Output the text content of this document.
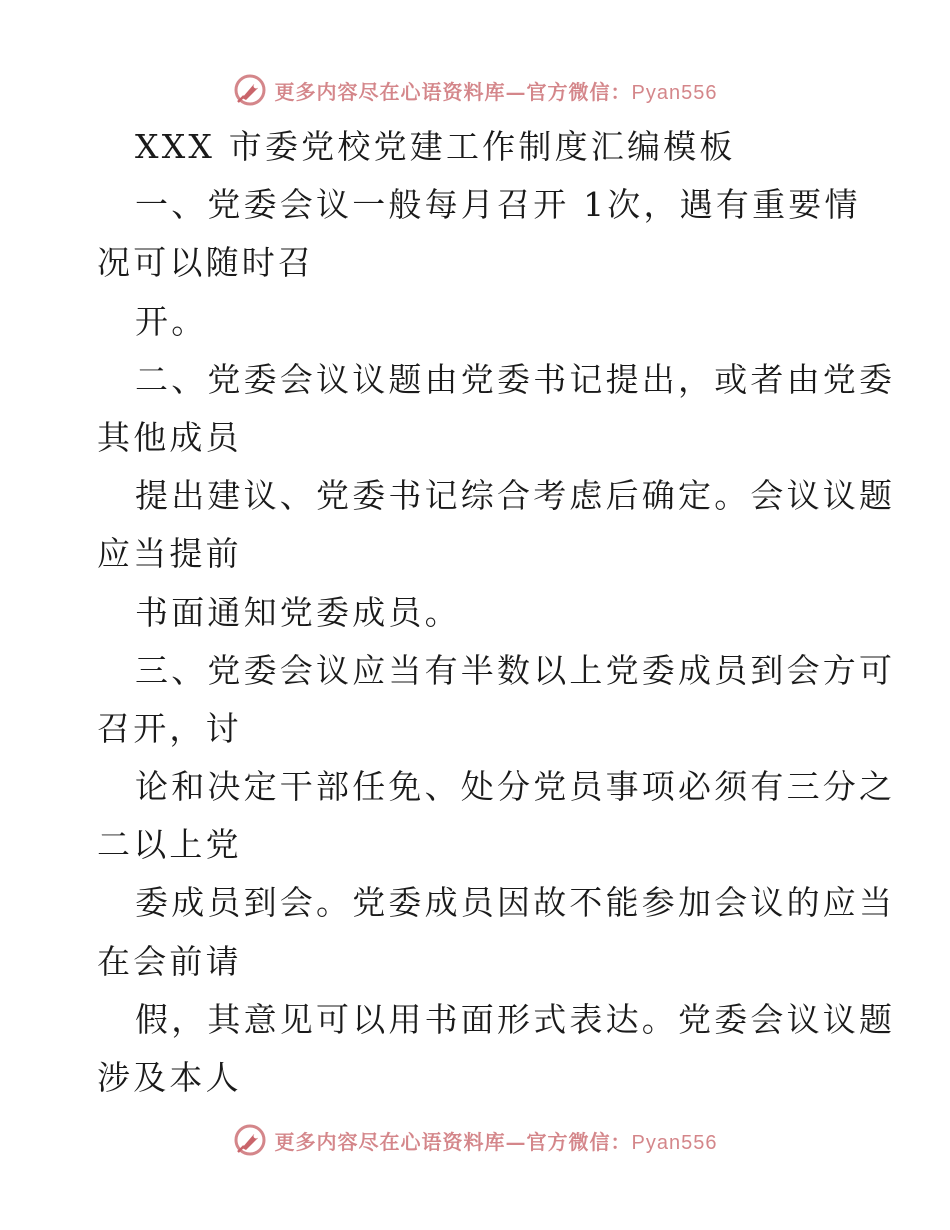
更多内容尽在心语资料库—官方微信：Pyan556
XXX 市委党校党建工作制度汇编模板
一、党委会议一般每月召开 1次，遇有重要情
况可以随时召
开。
二、党委会议议题由党委书记提出，或者由党委
其他成员
提出建议、党委书记综合考虑后确定。会议议题
应当提前
书面通知党委成员。
三、党委会议应当有半数以上党委成员到会方可
召开，讨
论和决定干部任免、处分党员事项必须有三分之
二以上党
委成员到会。党委成员因故不能参加会议的应当
在会前请
假，其意见可以用书面形式表达。党委会议议题
涉及本人
更多内容尽在心语资料库—官方微信：Pyan556
